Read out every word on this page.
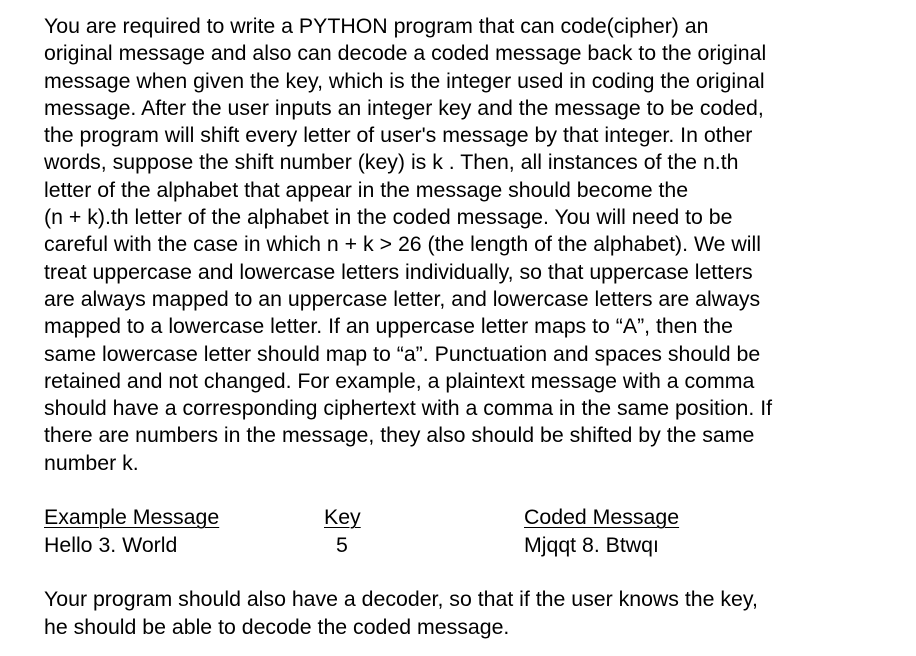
You are required to write a PYTHON program that can code(cipher) an
original message and also can decode a coded message back to the original
message when given the key, which is the integer used in coding the original
message. After the user inputs an integer key and the message to be coded,
the program will shift every letter of user's message by that integer. In other
words, suppose the shift number (key) is k . Then, all instances of the n.th
letter of the alphabet that appear in the message should become the
(n + k).th letter of the alphabet in the coded message. You will need to be
careful with the case in which n + k > 26 (the length of the alphabet). We will
treat uppercase and lowercase letters individually, so that uppercase letters
are always mapped to an uppercase letter, and lowercase letters are always
mapped to a lowercase letter. If an uppercase letter maps to “A”, then the
same lowercase letter should map to “a”. Punctuation and spaces should be
retained and not changed. For example, a plaintext message with a comma
should have a corresponding ciphertext with a comma in the same position. If
there are numbers in the message, they also should be shifted by the same
number k.
Example Message
Hello 3. World
Key
5
Coded Message
Mjqqt 8. Btwqı
Your program should also have a decoder, so that if the user knows the key,
he should be able to decode the coded message.
